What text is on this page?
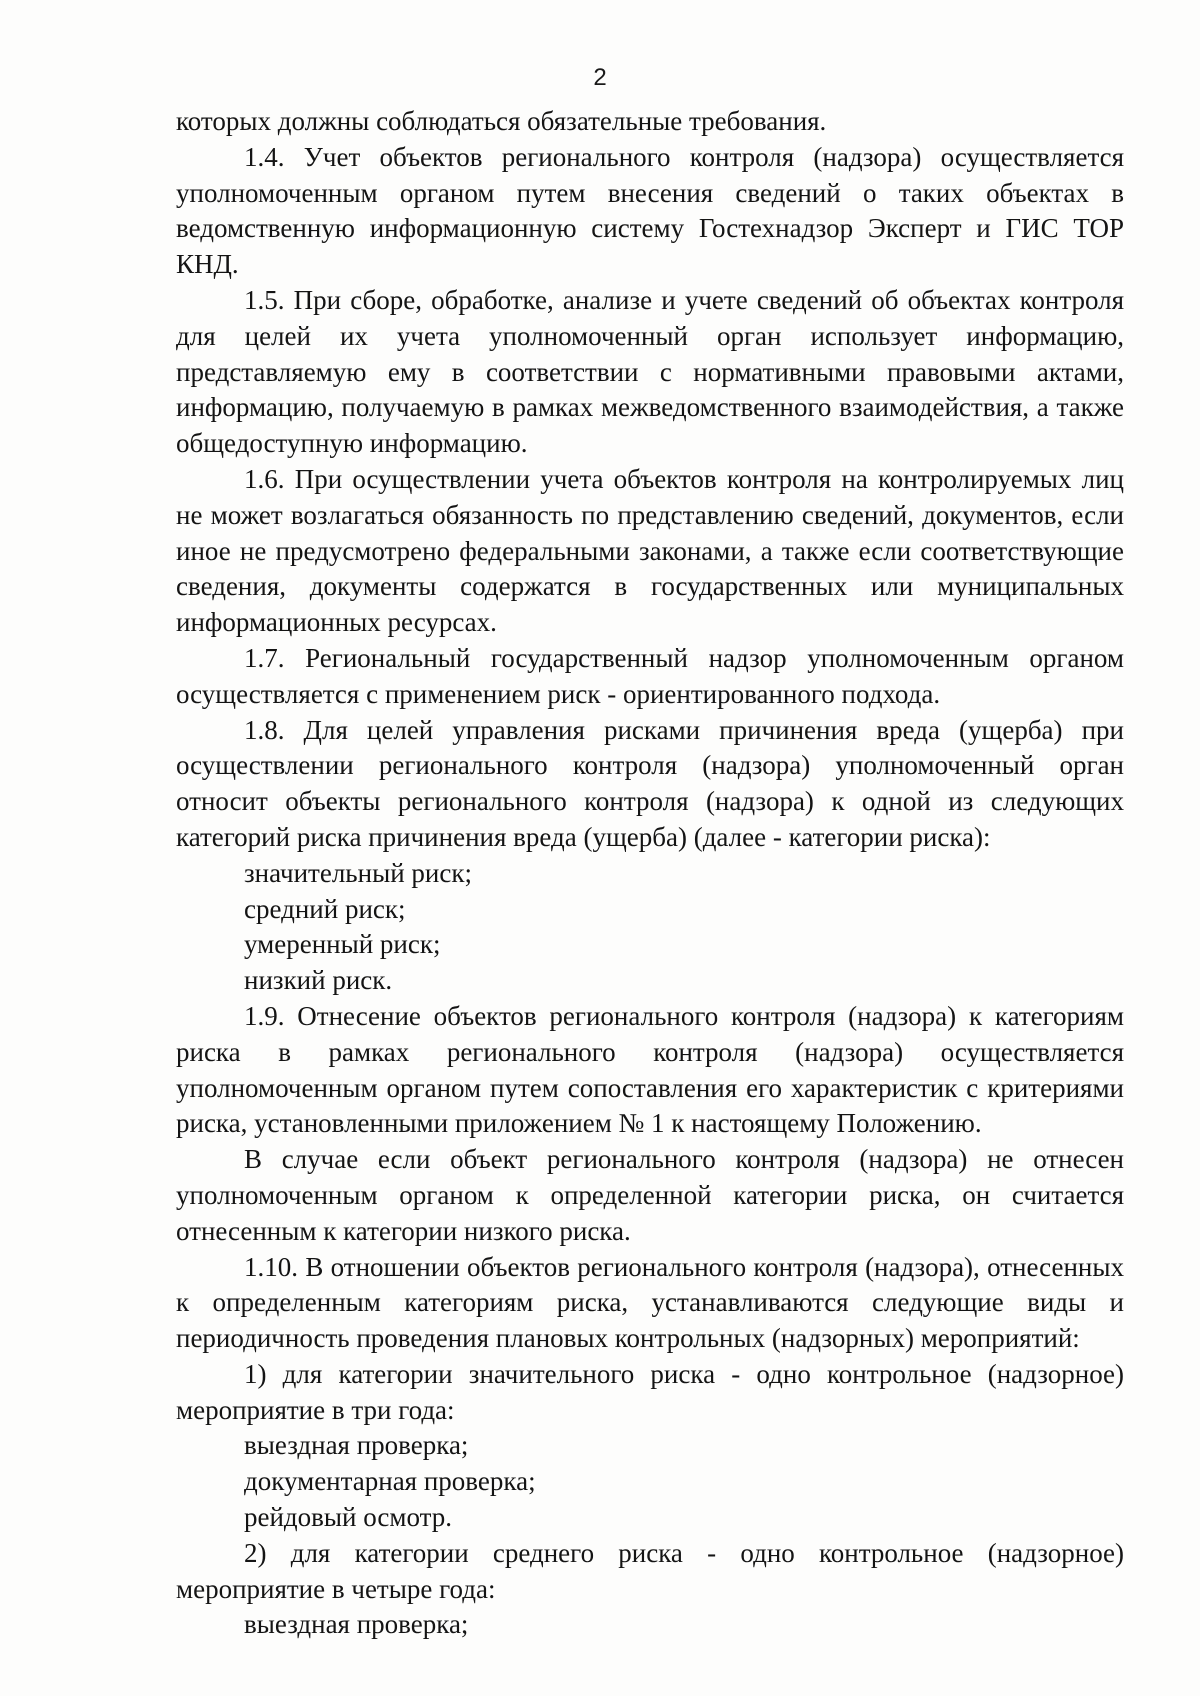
2

которых должны соблюдаться обязательные требования.

1.4. Учет объектов регионального контроля (надзора) осуществляется уполномоченным органом путем внесения сведений о таких объектах в ведомственную информационную систему Гостехнадзор Эксперт и ГИС ТОР КНД.

1.5. При сборе, обработке, анализе и учете сведений об объектах контроля для целей их учета уполномоченный орган использует информацию, представляемую ему в соответствии с нормативными правовыми актами, информацию, получаемую в рамках межведомственного взаимодействия, а также общедоступную информацию.

1.6. При осуществлении учета объектов контроля на контролируемых лиц не может возлагаться обязанность по представлению сведений, документов, если иное не предусмотрено федеральными законами, а также если соответствующие сведения, документы содержатся в государственных или муниципальных информационных ресурсах.

1.7. Региональный государственный надзор уполномоченным органом осуществляется с применением риск - ориентированного подхода.

1.8. Для целей управления рисками причинения вреда (ущерба) при осуществлении регионального контроля (надзора) уполномоченный орган относит объекты регионального контроля (надзора) к одной из следующих категорий риска причинения вреда (ущерба) (далее - категории риска):

значительный риск;

средний риск;

умеренный риск;

низкий риск.

1.9. Отнесение объектов регионального контроля (надзора) к категориям риска в рамках регионального контроля (надзора) осуществляется уполномоченным органом путем сопоставления его характеристик с критериями риска, установленными приложением № 1 к настоящему Положению.

В случае если объект регионального контроля (надзора) не отнесен уполномоченным органом к определенной категории риска, он считается отнесенным к категории низкого риска.

1.10. В отношении объектов регионального контроля (надзора), отнесенных к определенным категориям риска, устанавливаются следующие виды и периодичность проведения плановых контрольных (надзорных) мероприятий:

1) для категории значительного риска - одно контрольное (надзорное) мероприятие в три года:

выездная проверка;

документарная проверка;

рейдовый осмотр.

2) для категории среднего риска - одно контрольное (надзорное) мероприятие в четыре года:

выездная проверка;
